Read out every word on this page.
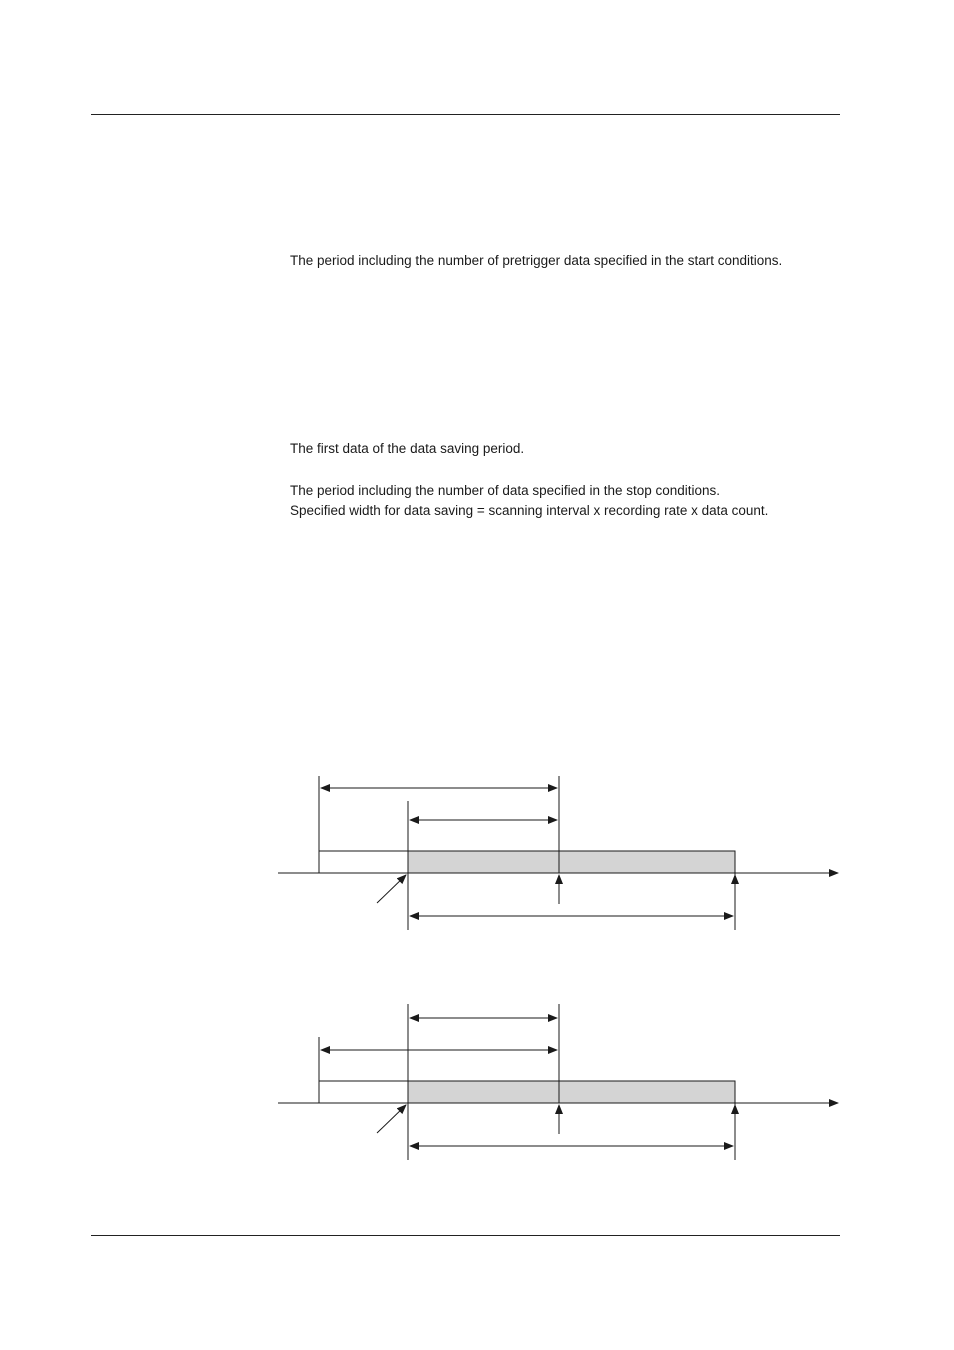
The period including the number of pretrigger data specified in the start conditions.
The first data of the data saving period.
The period including the number of data specified in the stop conditions.
Specified width for data saving = scanning interval x recording rate x data count.
